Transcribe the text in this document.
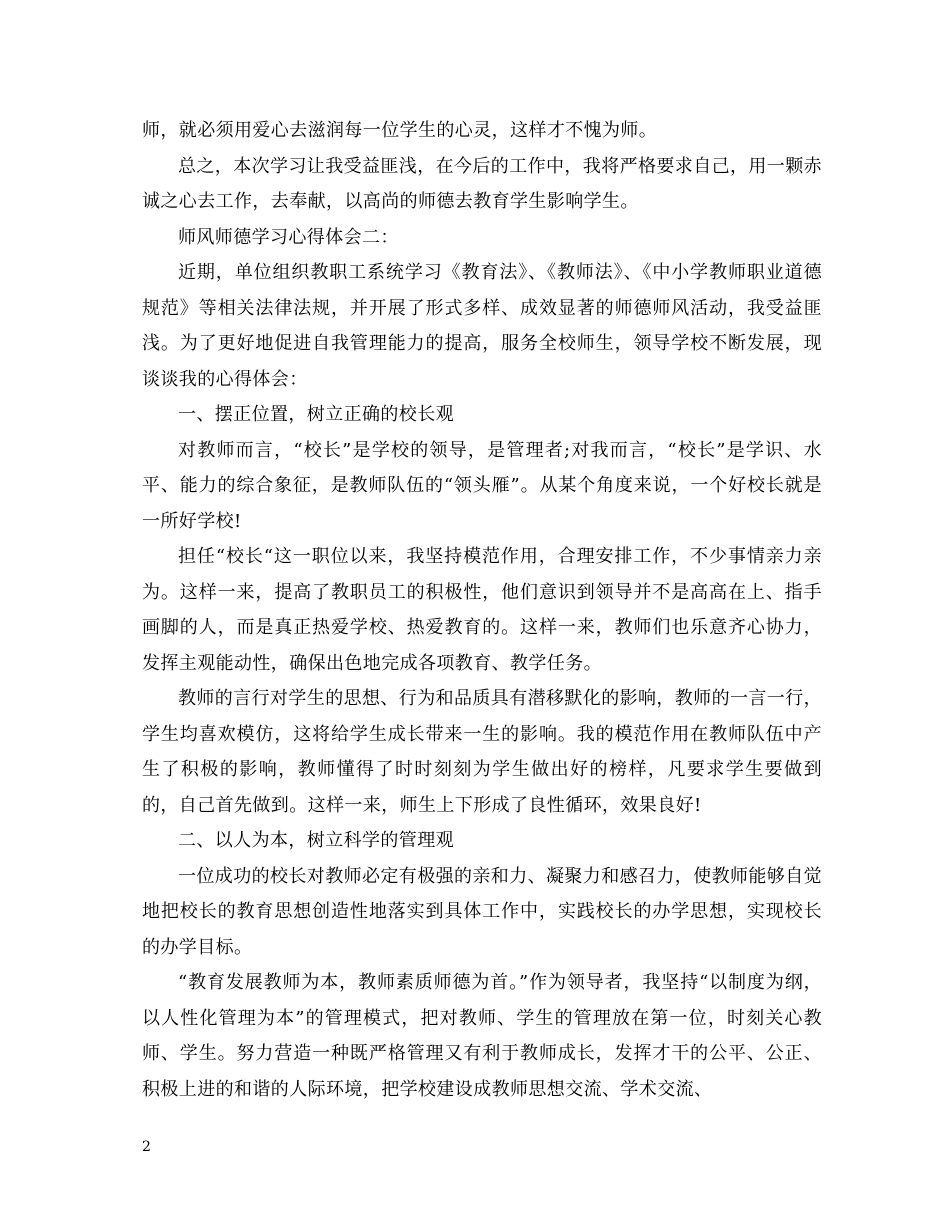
师，就必须用爱心去滋润每一位学生的心灵，这样才不愧为师。

总之，本次学习让我受益匪浅，在今后的工作中，我将严格要求自己，用一颗赤诚之心去工作，去奉献，以高尚的师德去教育学生影响学生。

师风师德学习心得体会二：

近期，单位组织教职工系统学习《教育法》、《教师法》、《中小学教师职业道德规范》等相关法律法规，并开展了形式多样、成效显著的师德师风活动，我受益匪浅。为了更好地促进自我管理能力的提高，服务全校师生，领导学校不断发展，现谈谈我的心得体会：

一、摆正位置，树立正确的校长观

对教师而言，“校长”是学校的领导，是管理者;对我而言，“校长”是学识、水平、能力的综合象征，是教师队伍的“领头雁”。从某个角度来说，一个好校长就是一所好学校!

担任“校长“这一职位以来，我坚持模范作用，合理安排工作，不少事情亲力亲为。这样一来，提高了教职员工的积极性，他们意识到领导并不是高高在上、指手画脚的人，而是真正热爱学校、热爱教育的。这样一来，教师们也乐意齐心协力，发挥主观能动性，确保出色地完成各项教育、教学任务。

教师的言行对学生的思想、行为和品质具有潜移默化的影响，教师的一言一行，学生均喜欢模仿，这将给学生成长带来一生的影响。我的模范作用在教师队伍中产生了积极的影响，教师懂得了时时刻刻为学生做出好的榜样，凡要求学生要做到的，自己首先做到。这样一来，师生上下形成了良性循环，效果良好!

二、以人为本，树立科学的管理观

一位成功的校长对教师必定有极强的亲和力、凝聚力和感召力，使教师能够自觉地把校长的教育思想创造性地落实到具体工作中，实践校长的办学思想，实现校长的办学目标。

“教育发展教师为本，教师素质师德为首。”作为领导者，我坚持“以制度为纲，以人性化管理为本”的管理模式，把对教师、学生的管理放在第一位，时刻关心教师、学生。努力营造一种既严格管理又有利于教师成长，发挥才干的公平、公正、积极上进的和谐的人际环境，把学校建设成教师思想交流、学术交流、

2
